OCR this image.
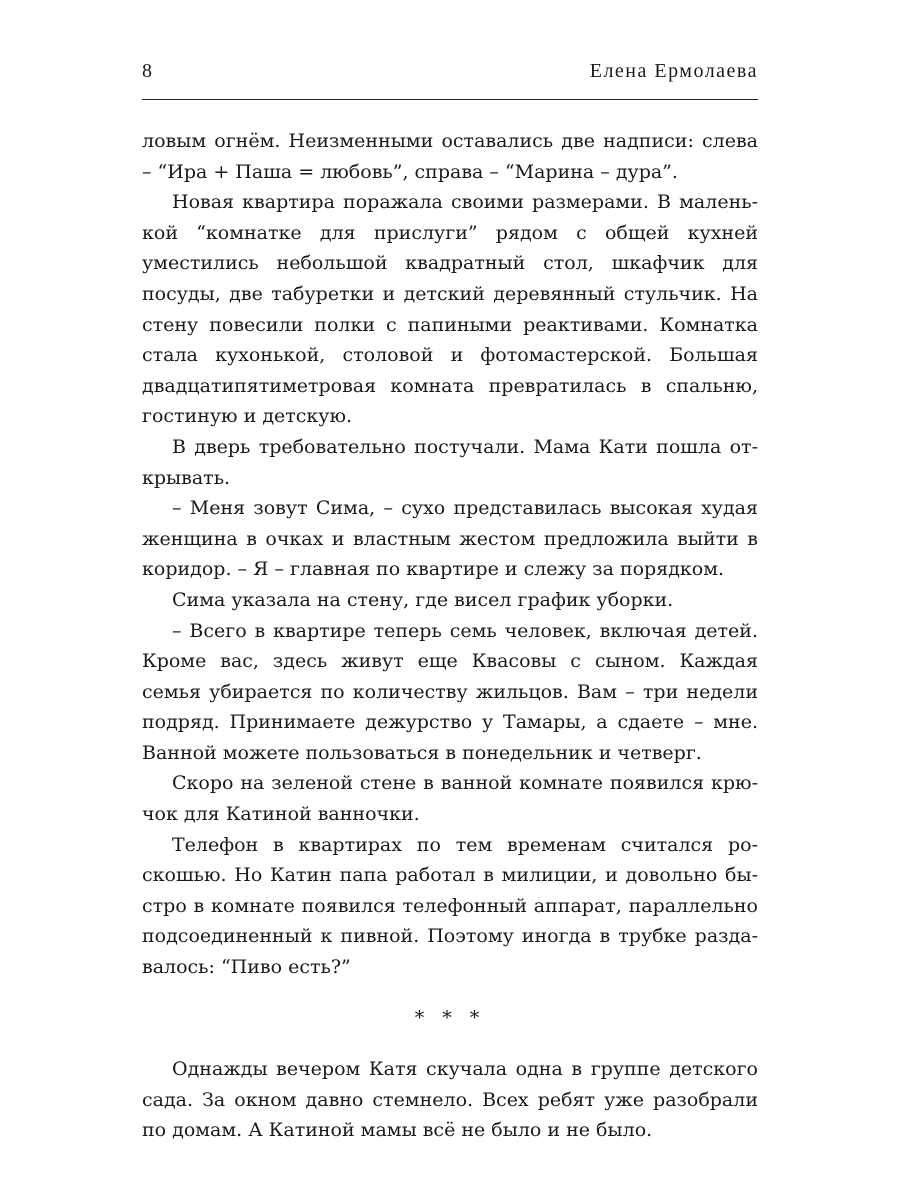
8	Елена Ермолаева

ловым огнём. Неизменными оставались две надписи: слева – “Ира + Паша = любовь”, справа – “Марина – дура”.

Новая квартира поражала своими размерами. В маленькой “комнатке для прислуги” рядом с общей кухней уместились небольшой квадратный стол, шкафчик для посуды, две табуретки и детский деревянный стульчик. На стену повесили полки с папиными реактивами. Комнатка стала кухонькой, столовой и фотомастерской. Большая двадцатипятиметровая комната превратилась в спальню, гостиную и детскую.

В дверь требовательно постучали. Мама Кати пошла открывать.

– Меня зовут Сима, – сухо представилась высокая худая женщина в очках и властным жестом предложила выйти в коридор. – Я – главная по квартире и слежу за порядком.

Сима указала на стену, где висел график уборки.

– Всего в квартире теперь семь человек, включая детей. Кроме вас, здесь живут еще Квасовы с сыном. Каждая семья убирается по количеству жильцов. Вам – три недели подряд. Принимаете дежурство у Тамары, а сдаете – мне. Ванной можете пользоваться в понедельник и четверг.

Скоро на зеленой стене в ванной комнате появился крючок для Катиной ванночки.

Телефон в квартирах по тем временам считался роскошью. Но Катин папа работал в милиции, и довольно быстро в комнате появился телефонный аппарат, параллельно подсоединенный к пивной. Поэтому иногда в трубке раздавалось: “Пиво есть?”

* * *

Однажды вечером Катя скучала одна в группе детского сада. За окном давно стемнело. Всех ребят уже разобрали по домам. А Катиной мамы всё не было и не было.
